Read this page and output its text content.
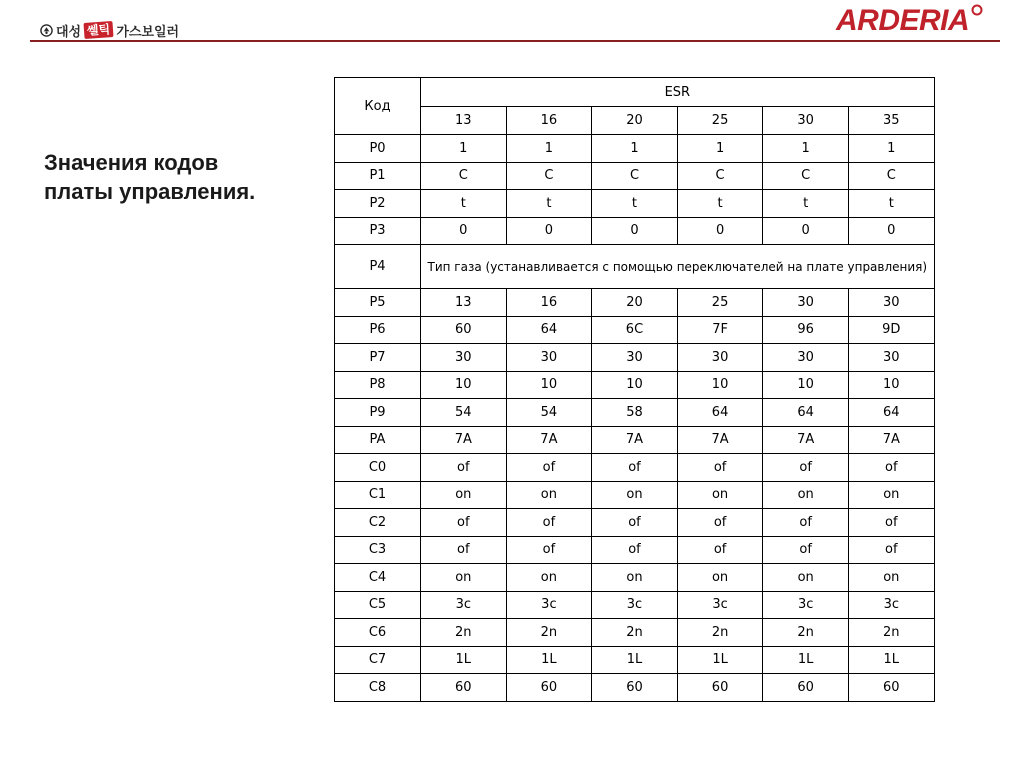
대성 쎌틱 가스보일러	ARDERIA
Значения кодов
платы управления.
Код	ESR					
	13	16	20	25	30	35
P0	1	1	1	1	1	1
P1	C	C	C	C	C	C
P2	t	t	t	t	t	t
P3	0	0	0	0	0	0
P4	Тип газа (устанавливается с помощью переключателей на плате управления)					
P5	13	16	20	25	30	30
P6	60	64	6C	7F	96	9D
P7	30	30	30	30	30	30
P8	10	10	10	10	10	10
P9	54	54	58	64	64	64
PA	7A	7A	7A	7A	7A	7A
C0	of	of	of	of	of	of
C1	on	on	on	on	on	on
C2	of	of	of	of	of	of
C3	of	of	of	of	of	of
C4	on	on	on	on	on	on
C5	3c	3c	3c	3c	3c	3c
C6	2n	2n	2n	2n	2n	2n
C7	1L	1L	1L	1L	1L	1L
C8	60	60	60	60	60	60
